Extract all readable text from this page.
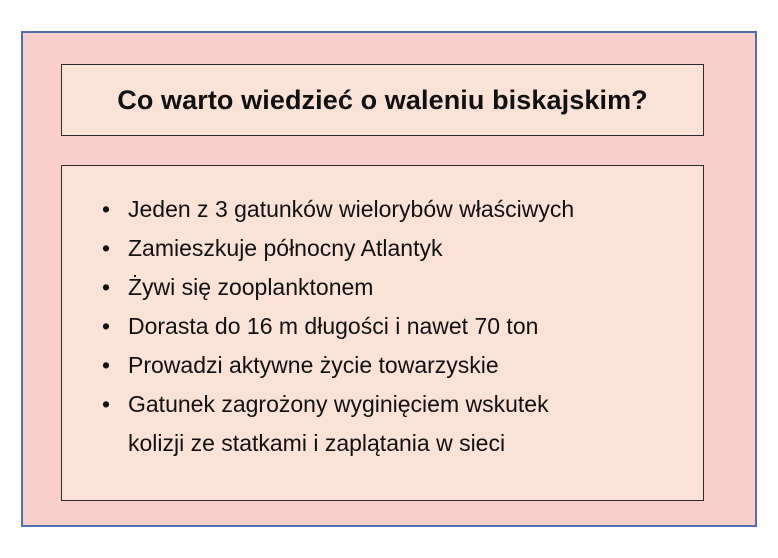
Co warto wiedzieć o waleniu biskajskim?
• Jeden z 3 gatunków wielorybów właściwych
• Zamieszkuje północny Atlantyk
• Żywi się zooplanktonem
• Dorasta do 16 m długości i nawet 70 ton
• Prowadzi aktywne życie towarzyskie
• Gatunek zagrożony wyginięciem wskutek
kolizji ze statkami i zaplątania w sieci
